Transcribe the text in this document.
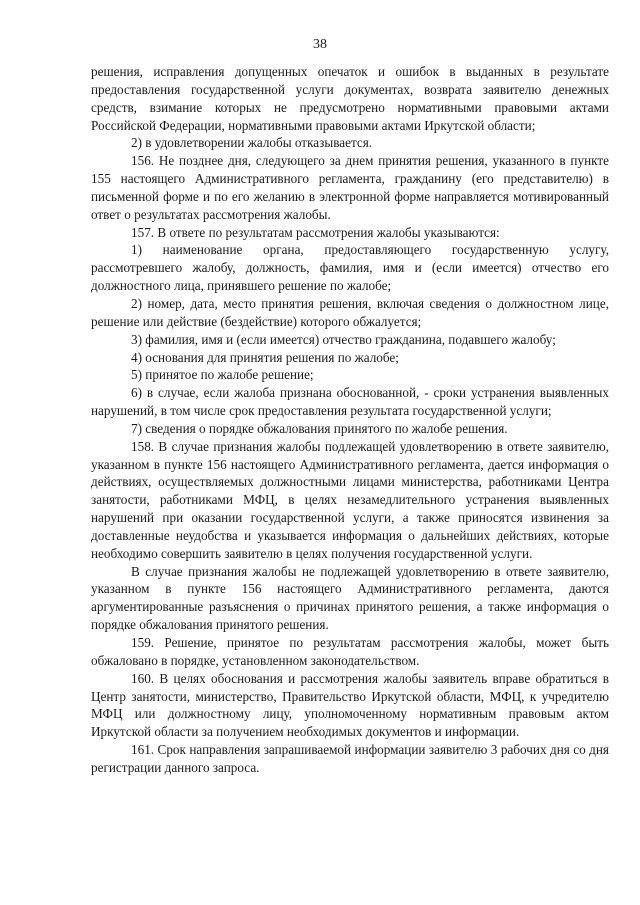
38

решения, исправления допущенных опечаток и ошибок в выданных в результате предоставления государственной услуги документах, возврата заявителю денежных средств, взимание которых не предусмотрено нормативными правовыми актами Российской Федерации, нормативными правовыми актами Иркутской области;

2) в удовлетворении жалобы отказывается.

156. Не позднее дня, следующего за днем принятия решения, указанного в пункте 155 настоящего Административного регламента, гражданину (его представителю) в письменной форме и по его желанию в электронной форме направляется мотивированный ответ о результатах рассмотрения жалобы.

157. В ответе по результатам рассмотрения жалобы указываются:

1) наименование органа, предоставляющего государственную услугу, рассмотревшего жалобу, должность, фамилия, имя и (если имеется) отчество его должностного лица, принявшего решение по жалобе;

2) номер, дата, место принятия решения, включая сведения о должностном лице, решение или действие (бездействие) которого обжалуется;

3) фамилия, имя и (если имеется) отчество гражданина, подавшего жалобу;

4) основания для принятия решения по жалобе;

5) принятое по жалобе решение;

6) в случае, если жалоба признана обоснованной, - сроки устранения выявленных нарушений, в том числе срок предоставления результата государственной услуги;

7) сведения о порядке обжалования принятого по жалобе решения.

158. В случае признания жалобы подлежащей удовлетворению в ответе заявителю, указанном в пункте 156 настоящего Административного регламента, дается информация о действиях, осуществляемых должностными лицами министерства, работниками Центра занятости, работниками МФЦ, в целях незамедлительного устранения выявленных нарушений при оказании государственной услуги, а также приносятся извинения за доставленные неудобства и указывается информация о дальнейших действиях, которые необходимо совершить заявителю в целях получения государственной услуги.

В случае признания жалобы не подлежащей удовлетворению в ответе заявителю, указанном в пункте 156 настоящего Административного регламента, даются аргументированные разъяснения о причинах принятого решения, а также информация о порядке обжалования принятого решения.

159. Решение, принятое по результатам рассмотрения жалобы, может быть обжаловано в порядке, установленном законодательством.

160. В целях обоснования и рассмотрения жалобы заявитель вправе обратиться в Центр занятости, министерство, Правительство Иркутской области, МФЦ, к учредителю МФЦ или должностному лицу, уполномоченному нормативным правовым актом Иркутской области за получением необходимых документов и информации.

161. Срок направления запрашиваемой информации заявителю 3 рабочих дня со дня регистрации данного запроса.
